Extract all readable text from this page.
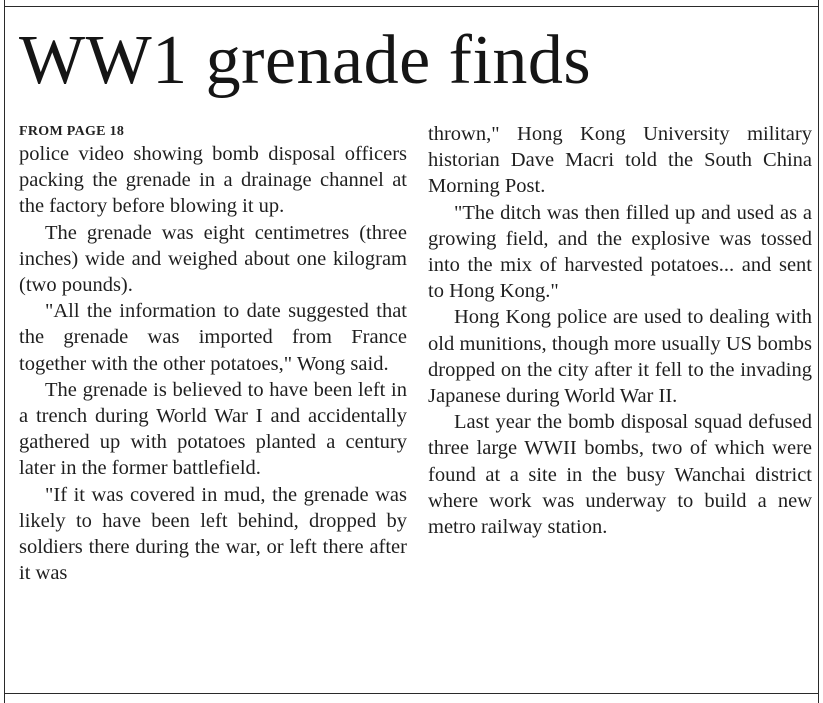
WW1 grenade finds
FROM PAGE 18

police video showing bomb disposal officers packing the grenade in a drainage channel at the factory before blowing it up.

The grenade was eight centimetres (three inches) wide and weighed about one kilogram (two pounds).

"All the information to date suggested that the grenade was imported from France together with the other potatoes," Wong said.

The grenade is believed to have been left in a trench during World War I and accidentally gathered up with potatoes planted a century later in the former battlefield.

"If it was covered in mud, the grenade was likely to have been left behind, dropped by soldiers there during the war, or left there after it was

thrown," Hong Kong University military historian Dave Macri told the South China Morning Post.

"The ditch was then filled up and used as a growing field, and the explosive was tossed into the mix of harvested potatoes... and sent to Hong Kong."

Hong Kong police are used to dealing with old munitions, though more usually US bombs dropped on the city after it fell to the invading Japanese during World War II.

Last year the bomb disposal squad defused three large WWII bombs, two of which were found at a site in the busy Wanchai district where work was underway to build a new metro railway station.
